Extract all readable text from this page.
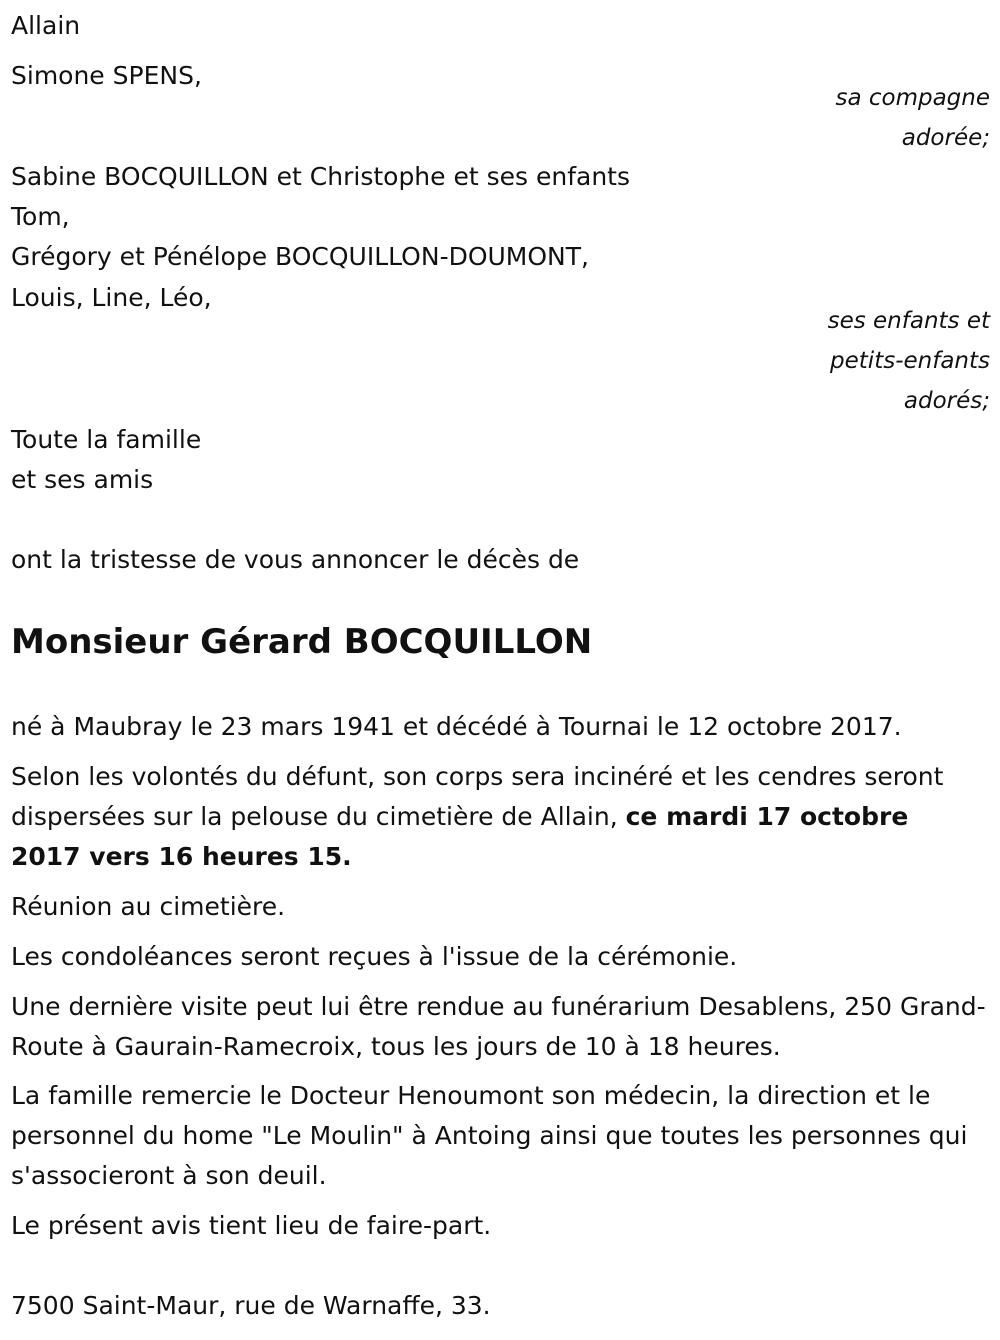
Allain

Simone SPENS,

sa compagne

adorée;

Sabine BOCQUILLON et Christophe et ses enfants

Tom,

Grégory et Pénélope BOCQUILLON-DOUMONT,

Louis, Line, Léo,

ses enfants et

petits-enfants

adorés;

Toute la famille

et ses amis

ont la tristesse de vous annoncer le décès de

Monsieur Gérard BOCQUILLON

né à Maubray le 23 mars 1941 et décédé à Tournai le 12 octobre 2017.

Selon les volontés du défunt, son corps sera inciné​ré et les cendres seront dispersées sur la pelouse du cimetière de Allain, ce mardi 17 octobre 2017 vers 16 heures 15.

Réunion au cimetière.

Les condoléances seront reçues à l'issue de la cérémonie.

Une dernière visite peut lui être rendue au funérarium Desablens, 250 Grand-Route à Gaurain-Ramecroix, tous les jours de 10 à 18 heures.

La famille remercie le Docteur Henoumont son médecin, la direction et le personnel du home "Le Moulin" à Antoing ainsi que toutes les personnes qui s'associeront à son deuil.

Le présent avis tient lieu de faire-part.

7500 Saint-Maur, rue de Warnaffe, 33.
